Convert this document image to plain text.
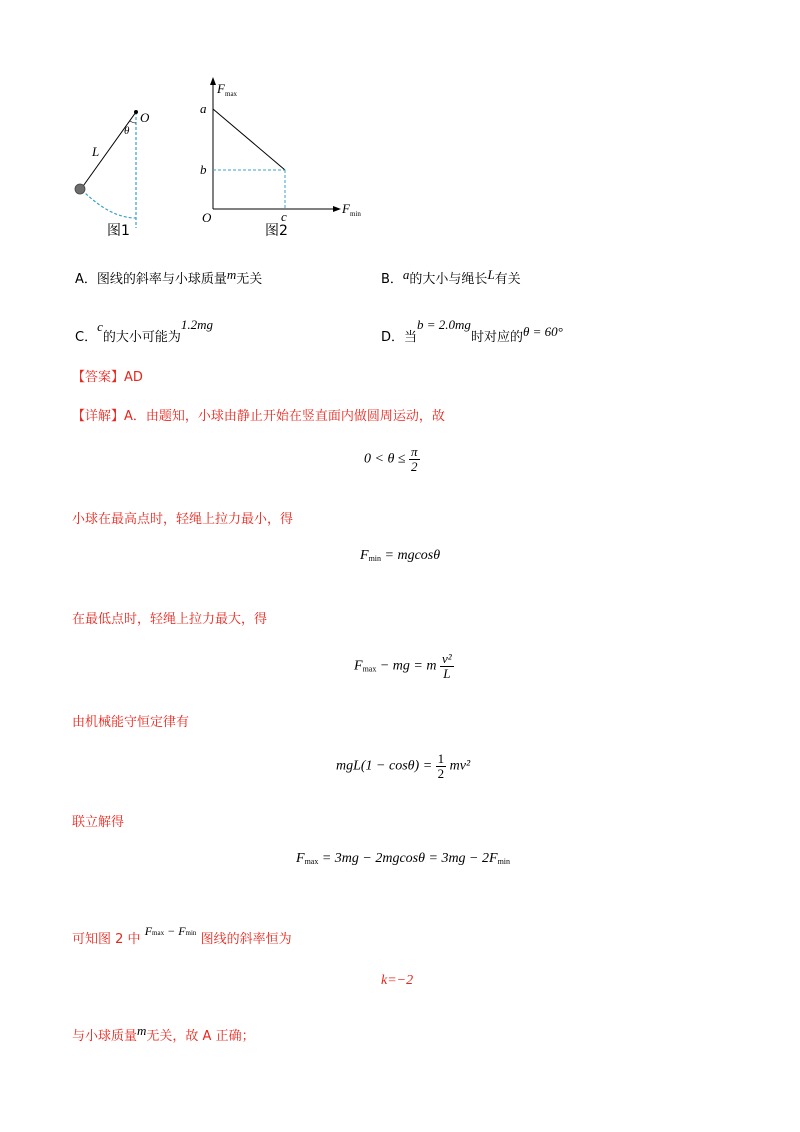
O
θ
L
图1
F max
F min
a
b
c
O
图2
A．图线的斜率与小球质量$^m$无关	B．$^a$的大小与绳长$^L$有关
C．$^c$的大小可能为$^{1.2mg}$
D．当$^{b = 2.0mg}$时对应的$^{\theta = 60^\circ}$
【答案】AD
【详解】A．由题知，小球由静止开始在竖直面内做圆周运动，故
$0 < \theta \le \frac{\pi}{2}$
小球在最高点时，轻绳上拉力最小，得
$F_{min} = mgcos\theta$
在最低点时，轻绳上拉力最大，得
$F_{max}$ − mg = m $\frac{\text{v²}}{L}$
由机械能守恒定律有
$mgL(1 - \cos\theta) = \frac{1}{2} mv^2$
联立解得
$F_{max} = 3mg - 2mgcos\theta = 3mg - 2F_{min}$
可知图 2 中 Fmax − Fmin 图线的斜率恒为
k=−2
与小球质量$^m$无关，故 A 正确；
